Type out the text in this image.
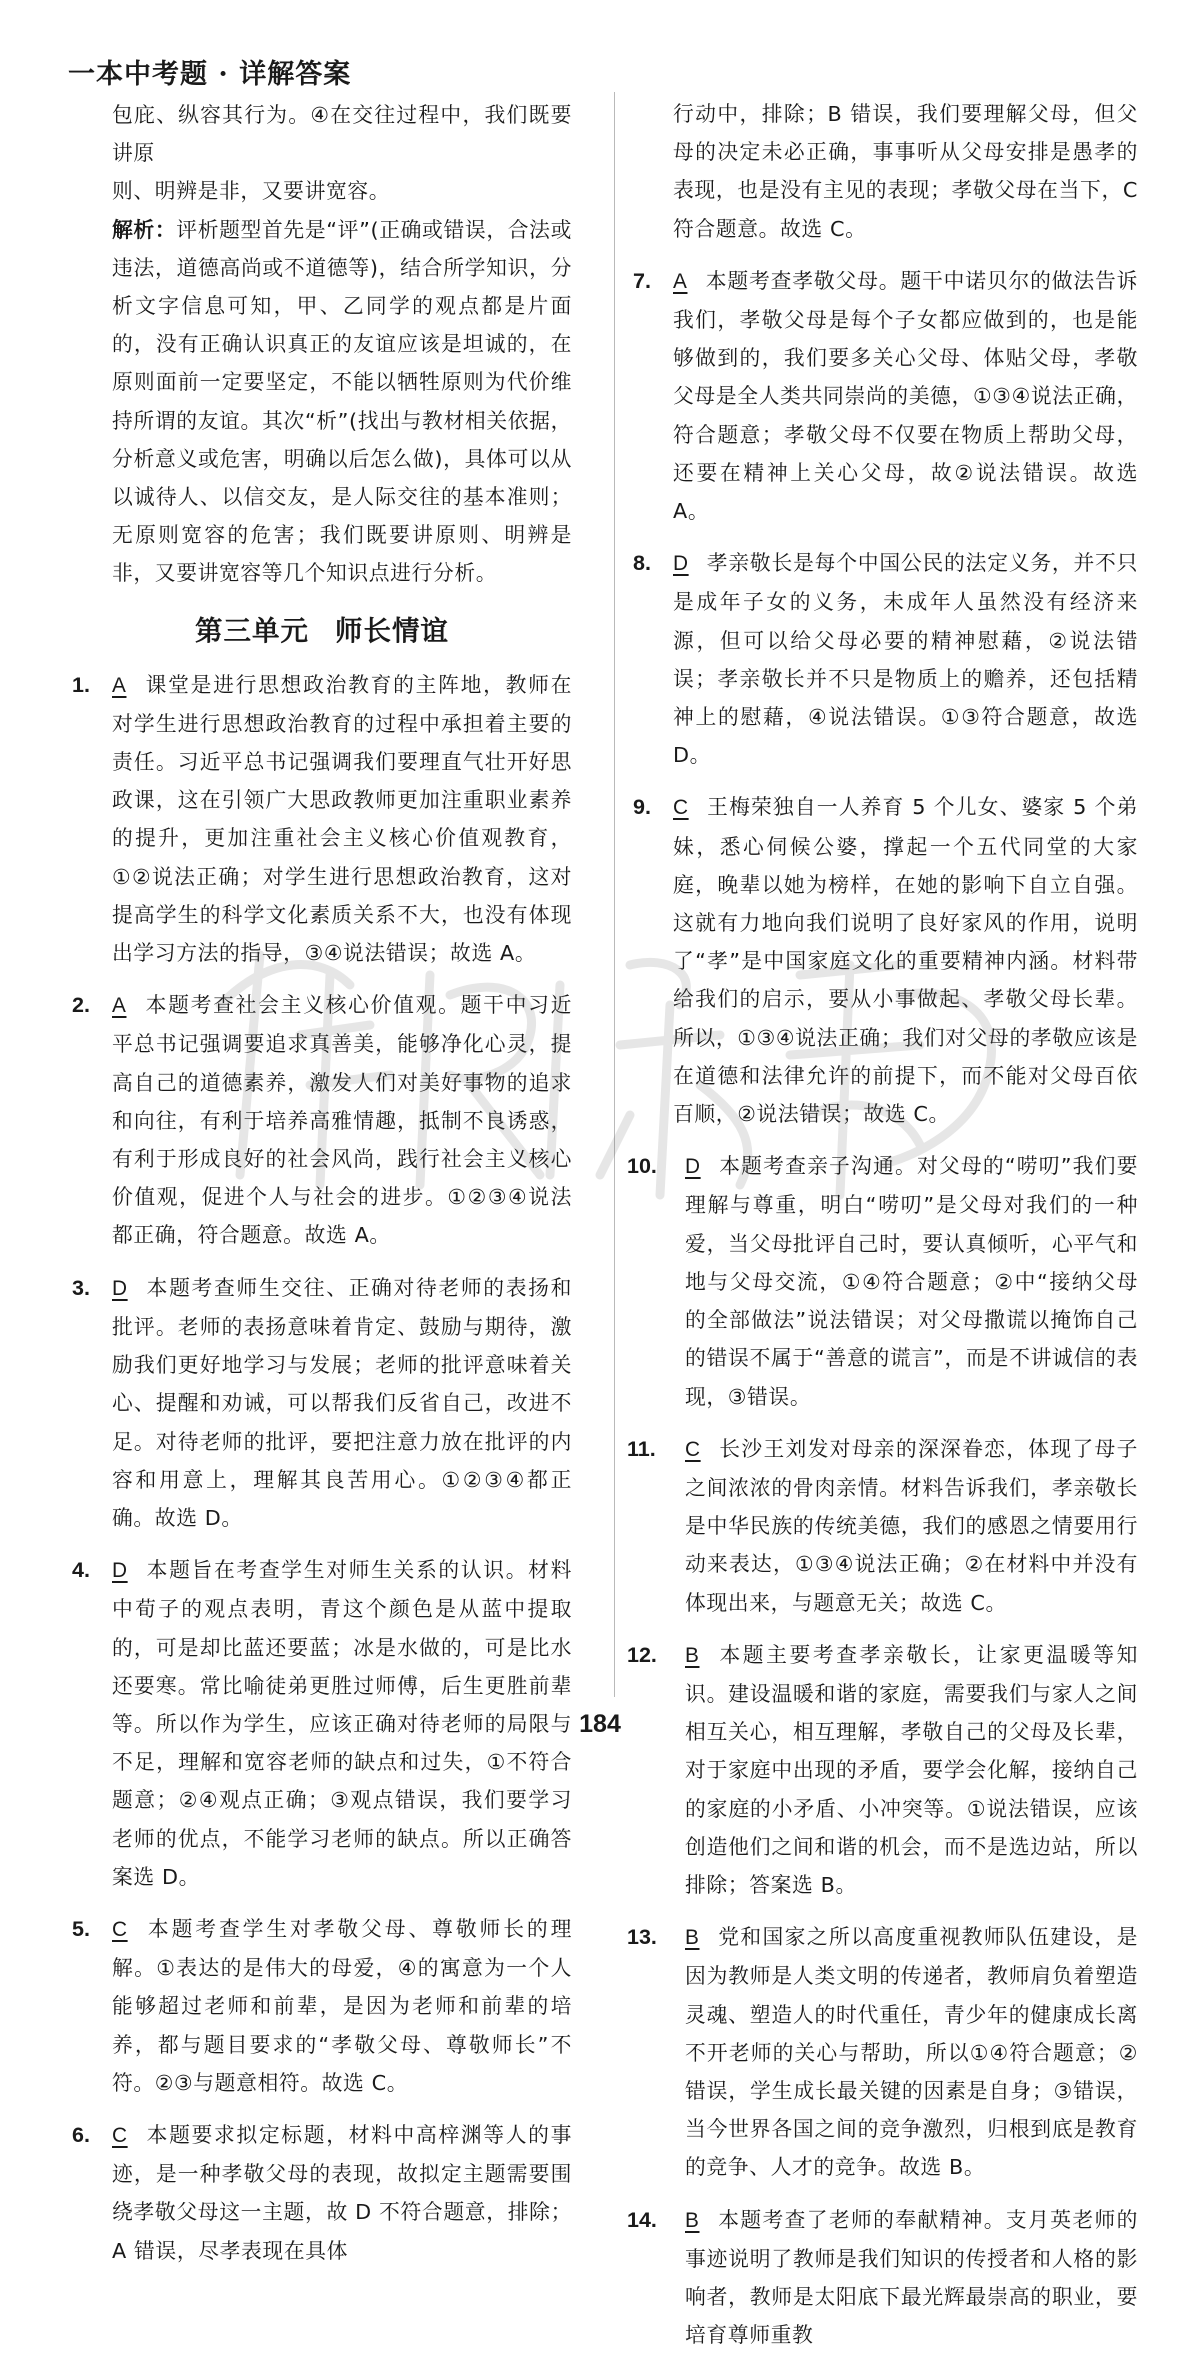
一本中考题 · 详解答案

包庇、纵容其行为。④在交往过程中，我们既要讲原

则、明辨是非，又要讲宽容。

解析：评析题型首先是“评”(正确或错误，合法或违法，道德高尚或不道德等)，结合所学知识，分析文字信息可知，甲、乙同学的观点都是片面的，没有正确认识真正的友谊应该是坦诚的，在原则面前一定要坚定，不能以牺牲原则为代价维持所谓的友谊。其次“析”(找出与教材相关依据，分析意义或危害，明确以后怎么做)，具体可以从以诚待人、以信交友，是人际交往的基本准则；无原则宽容的危害；我们既要讲原则、明辨是非，又要讲宽容等几个知识点进行分析。

第三单元 师长情谊
1. A 课堂是进行思想政治教育的主阵地，教师在对学生进行思想政治教育的过程中承担着主要的责任。习近平总书记强调我们要理直气壮开好思政课，这在引领广大思政教师更加注重职业素养的提升，更加注重社会主义核心价值观教育，①②说法正确；对学生进行思想政治教育，这对提高学生的科学文化素质关系不大，也没有体现出学习方法的指导，③④说法错误；故选 A。

2. A 本题考查社会主义核心价值观。题干中习近平总书记强调要追求真善美，能够净化心灵，提高自己的道德素养，激发人们对美好事物的追求和向往，有利于培养高雅情趣，抵制不良诱惑，有利于形成良好的社会风尚，践行社会主义核心价值观，促进个人与社会的进步。①②③④说法都正确，符合题意。故选 A。

3. D 本题考查师生交往、正确对待老师的表扬和批评。老师的表扬意味着肯定、鼓励与期待，激励我们更好地学习与发展；老师的批评意味着关心、提醒和劝诫，可以帮我们反省自己，改进不足。对待老师的批评，要把注意力放在批评的内容和用意上，理解其良苦用心。①②③④都正确。故选 D。

4. D 本题旨在考查学生对师生关系的认识。材料中荀子的观点表明，青这个颜色是从蓝中提取的，可是却比蓝还要蓝；冰是水做的，可是比水还要寒。常比喻徒弟更胜过师傅，后生更胜前辈等。所以作为学生，应该正确对待老师的局限与不足，理解和宽容老师的缺点和过失，①不符合题意；②④观点正确；③观点错误，我们要学习老师的优点，不能学习老师的缺点。所以正确答案选 D。

5. C 本题考查学生对孝敬父母、尊敬师长的理解。①表达的是伟大的母爱，④的寓意为一个人能够超过老师和前辈，是因为老师和前辈的培养，都与题目要求的“孝敬父母、尊敬师长”不符。②③与题意相符。故选 C。

6. C 本题要求拟定标题，材料中高梓渊等人的事迹，是一种孝敬父母的表现，故拟定主题需要围绕孝敬父母这一主题，故 D 不符合题意，排除；A 错误，尽孝表现在具体

行动中，排除；B 错误，我们要理解父母，但父母的决定未必正确，事事听从父母安排是愚孝的表现，也是没有主见的表现；孝敬父母在当下，C 符合题意。故选 C。

7. A 本题考查孝敬父母。题干中诺贝尔的做法告诉我们，孝敬父母是每个子女都应做到的，也是能够做到的，我们要多关心父母、体贴父母，孝敬父母是全人类共同崇尚的美德，①③④说法正确，符合题意；孝敬父母不仅要在物质上帮助父母，还要在精神上关心父母，故②说法错误。故选 A。

8. D 孝亲敬长是每个中国公民的法定义务，并不只是成年子女的义务，未成年人虽然没有经济来源，但可以给父母必要的精神慰藉，②说法错误；孝亲敬长并不只是物质上的赡养，还包括精神上的慰藉，④说法错误。①③符合题意，故选 D。

9. C 王梅荣独自一人养育 5 个儿女、婆家 5 个弟妹，悉心伺候公婆，撑起一个五代同堂的大家庭，晚辈以她为榜样，在她的影响下自立自强。这就有力地向我们说明了良好家风的作用，说明了“孝”是中国家庭文化的重要精神内涵。材料带给我们的启示，要从小事做起、孝敬父母长辈。所以，①③④说法正确；我们对父母的孝敬应该是在道德和法律允许的前提下，而不能对父母百依百顺，②说法错误；故选 C。

10. D 本题考查亲子沟通。对父母的“唠叨”我们要理解与尊重，明白“唠叨”是父母对我们的一种爱，当父母批评自己时，要认真倾听，心平气和地与父母交流，①④符合题意；②中“接纳父母的全部做法”说法错误；对父母撒谎以掩饰自己的错误不属于“善意的谎言”，而是不讲诚信的表现，③错误。

11. C 长沙王刘发对母亲的深深眷恋，体现了母子之间浓浓的骨肉亲情。材料告诉我们，孝亲敬长是中华民族的传统美德，我们的感恩之情要用行动来表达，①③④说法正确；②在材料中并没有体现出来，与题意无关；故选 C。

12. B 本题主要考查孝亲敬长，让家更温暖等知识。建设温暖和谐的家庭，需要我们与家人之间相互关心，相互理解，孝敬自己的父母及长辈，对于家庭中出现的矛盾，要学会化解，接纳自己的家庭的小矛盾、小冲突等。①说法错误，应该创造他们之间和谐的机会，而不是选边站，所以排除；答案选 B。

13. B 党和国家之所以高度重视教师队伍建设，是因为教师是人类文明的传递者，教师肩负着塑造灵魂、塑造人的时代重任，青少年的健康成长离不开老师的关心与帮助，所以①④符合题意；②错误，学生成长最关键的因素是自身；③错误，当今世界各国之间的竞争激烈，归根到底是教育的竞争、人才的竞争。故选 B。

14. B 本题考查了老师的奉献精神。支月英老师的事迹说明了教师是我们知识的传授者和人格的影响者，教师是太阳底下最光辉最崇高的职业，要培育尊师重教

184
